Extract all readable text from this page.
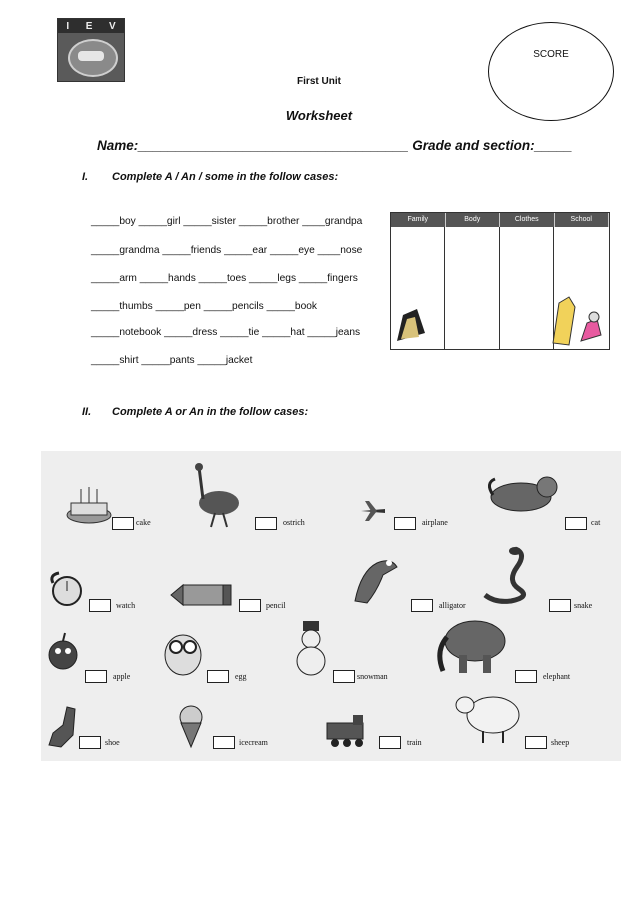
I E V
SCORE
First Unit
Worksheet
Name:____________________________________ Grade and section:_____
I. Complete A / An / some in the follow cases:
_____boy _____girl _____sister _____brother ____grandpa
_____grandma _____friends _____ear _____eye ____nose
_____arm _____hands _____toes _____legs _____fingers
_____thumbs _____pen _____pencils _____book
_____notebook _____dress _____tie _____hat _____jeans
_____shirt _____pants _____jacket
Family	Body	Clothes	School
II. Complete A or An in the follow cases:
cake	ostrich	airplane	cat
watch	pencil	alligator	snake
apple	egg	snowman	elephant
shoe	icecream	train	sheep
